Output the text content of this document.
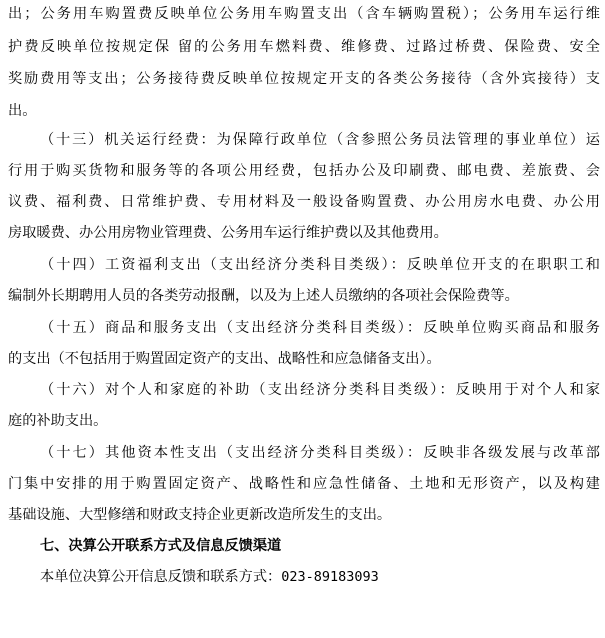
出；公务用车购置费反映单位公务用车购置支出（含车辆购置税）；公务用车运行维
护费反映单位按规定保 留的公务用车燃料费、维修费、过路过桥费、保险费、安全
奖励费用等支出；公务接待费反映单位按规定开支的各类公务接待（含外宾接待）支
出。
（十三）机关运行经费：为保障行政单位（含参照公务员法管理的事业单位）运
行用于购买货物和服务等的各项公用经费，包括办公及印刷费、邮电费、差旅费、会
议费、福利费、日常维护费、专用材料及一般设备购置费、办公用房水电费、办公用
房取暖费、办公用房物业管理费、公务用车运行维护费以及其他费用。
（十四）工资福利支出（支出经济分类科目类级）：反映单位开支的在职职工和
编制外长期聘用人员的各类劳动报酬，以及为上述人员缴纳的各项社会保险费等。
（十五）商品和服务支出（支出经济分类科目类级）：反映单位购买商品和服务
的支出（不包括用于购置固定资产的支出、战略性和应急储备支出）。
（十六）对个人和家庭的补助（支出经济分类科目类级）：反映用于对个人和家
庭的补助支出。
（十七）其他资本性支出（支出经济分类科目类级）：反映非各级发展与改革部
门集中安排的用于购置固定资产、战略性和应急性储备、土地和无形资产，以及构建
基础设施、大型修缮和财政支持企业更新改造所发生的支出。
七、决算公开联系方式及信息反馈渠道
本单位决算公开信息反馈和联系方式：023-89183093
